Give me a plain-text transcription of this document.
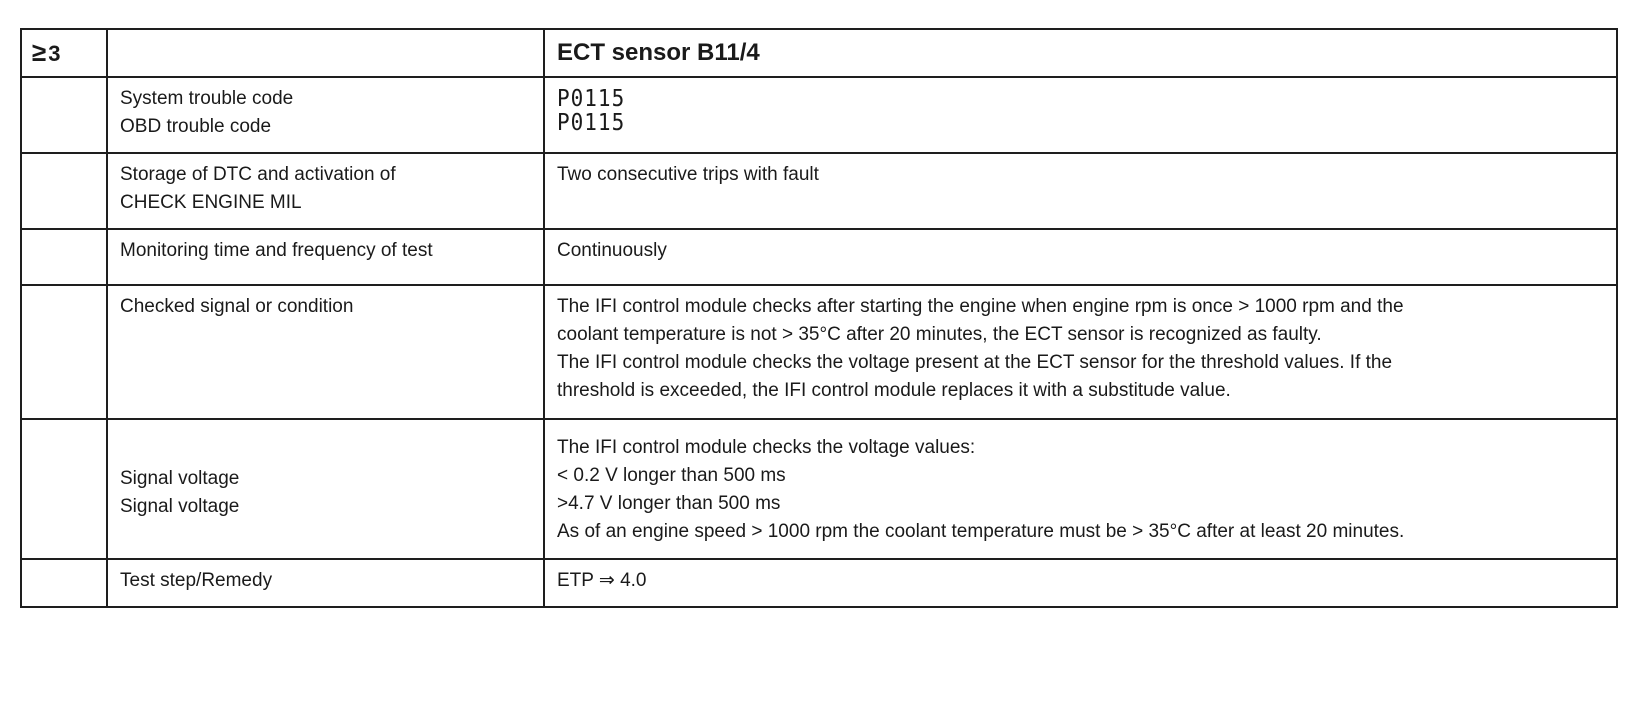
≥3		ECT sensor B11/4

	System trouble code
OBD trouble code	P0115
P0115

	Storage of DTC and activation of
CHECK ENGINE MIL	Two consecutive trips with fault

	Monitoring time and frequency of test	Continuously

	Checked signal or condition	The IFI control module checks after starting the engine when engine rpm is once > 1000 rpm and the
coolant temperature is not > 35°C after 20 minutes, the ECT sensor is recognized as faulty.
The IFI control module checks the voltage present at the ECT sensor for the threshold values. If the
threshold is exceeded, the IFI control module replaces it with a substitude value.

	Signal voltage
Signal voltage	The IFI control module checks the voltage values:
< 0.2 V longer than 500 ms
>4.7 V longer than 500 ms
As of an engine speed > 1000 rpm the coolant temperature must be > 35°C after at least 20 minutes.

	Test step/Remedy	ETP ⇒ 4.0
